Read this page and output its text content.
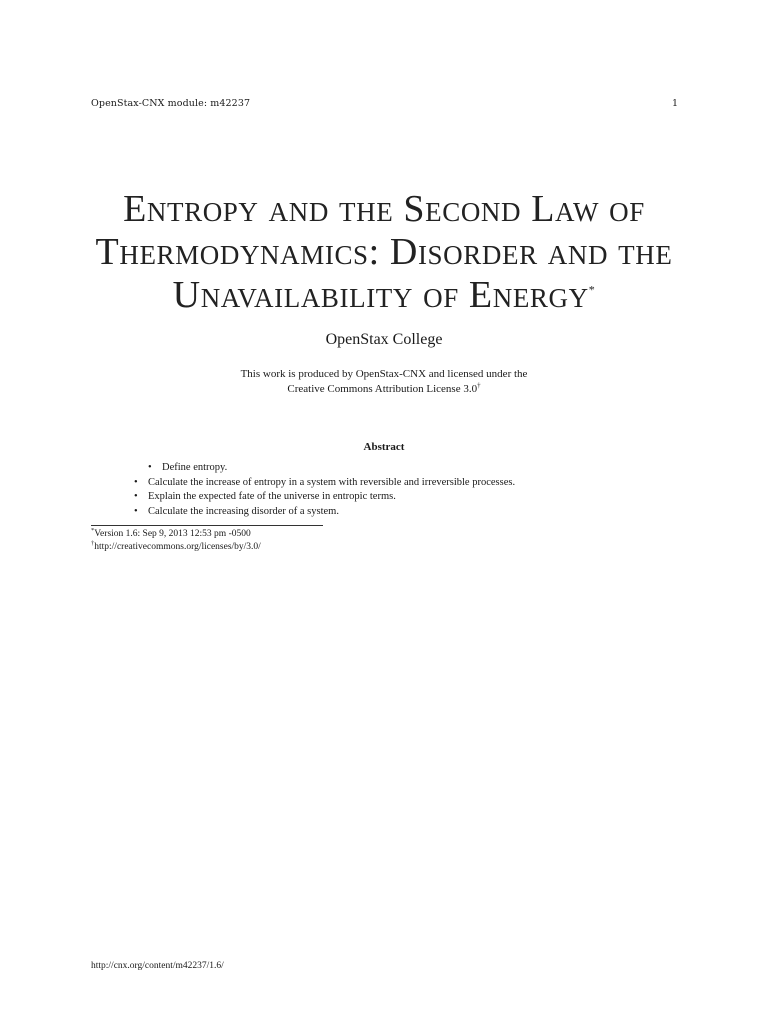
OpenStax-CNX module: m42237	1
Entropy and the Second Law of
Thermodynamics: Disorder and the
Unavailability of Energy*
OpenStax College
This work is produced by OpenStax-CNX and licensed under the
Creative Commons Attribution License 3.0†
Abstract
• Define entropy.
• Calculate the increase of entropy in a system with reversible and irreversible processes.
• Explain the expected fate of the universe in entropic terms.
• Calculate the increasing disorder of a system.
*Version 1.6: Sep 9, 2013 12:53 pm -0500
†http://creativecommons.org/licenses/by/3.0/
http://cnx.org/content/m42237/1.6/
